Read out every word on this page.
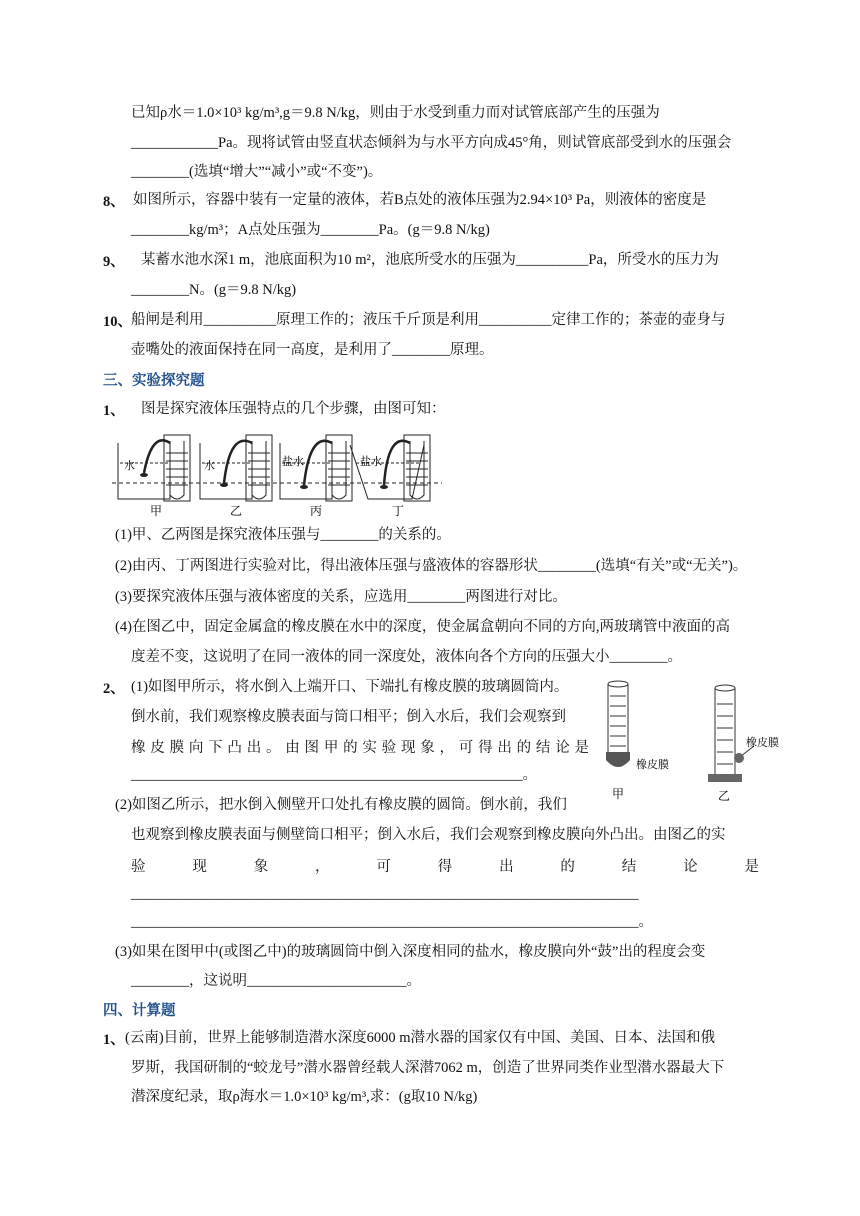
已知ρ水＝1.0×10³ kg/m³,g＝9.8 N/kg，则由于水受到重力而对试管底部产生的压强为
____________Pa。现将试管由竖直状态倾斜为与水平方向成45°角，则试管底部受到水的压强会
________(选填“增大”“减小”或“不变”)。
8、 如图所示，容器中装有一定量的液体，若B点处的液体压强为2.94×10³ Pa，则液体的密度是
________kg/m³；A点处压强为________Pa。(g＝9.8 N/kg)
9、 某蓄水池水深1 m，池底面积为10 m²，池底所受水的压强为__________Pa，所受水的压力为
________N。(g＝9.8 N/kg)
10、 船闸是利用__________原理工作的；液压千斤顶是利用__________定律工作的；茶壶的壶身与
壶嘴处的液面保持在同一高度，是利用了________原理。
三、实验探究题
1、 图是探究液体压强特点的几个步骤，由图可知：
水	水	盐水	盐水
甲	乙	丙	丁
(1)甲、乙两图是探究液体压强与________的关系的。
(2)由丙、丁两图进行实验对比，得出液体压强与盛液体的容器形状________(选填“有关”或“无关”)。
(3)要探究液体压强与液体密度的关系，应选用________两图进行对比。
(4)在图乙中，固定金属盒的橡皮膜在水中的深度，使金属盒朝向不同的方向,两玻璃管中液面的高
度差不变，这说明了在同一液体的同一深度处，液体向各个方向的压强大小________。
2、 (1)如图甲所示，将水倒入上端开口、下端扎有橡皮膜的玻璃圆筒内。
倒水前，我们观察橡皮膜表面与筒口相平；倒入水后，我们会观察到
橡 皮 膜 向 下 凸 出 。 由 图 甲 的 实 验 现 象 ， 可 得 出 的 结 论 是
______________________________________________________。
橡皮膜
橡皮膜
甲	乙
(2)如图乙所示，把水倒入侧壁开口处扎有橡皮膜的圆筒。倒水前，我们
也观察到橡皮膜表面与侧壁筒口相平；倒入水后，我们会观察到橡皮膜向外凸出。由图乙的实
验	现	象	，	可	得	出	的	结	论	是
______________________________________________________________________
______________________________________________________________________。
(3)如果在图甲中(或图乙中)的玻璃圆筒中倒入深度相同的盐水，橡皮膜向外“鼓”出的程度会变
________，这说明______________________。
四、计算题
1、 (云南)目前，世界上能够制造潜水深度6000 m潜水器的国家仅有中国、美国、日本、法国和俄
罗斯，我国研制的“蛟龙号”潜水器曾经载人深潜7062 m，创造了世界同类作业型潜水器最大下
潜深度纪录，取ρ海水＝1.0×10³ kg/m³,求：(g取10 N/kg)
